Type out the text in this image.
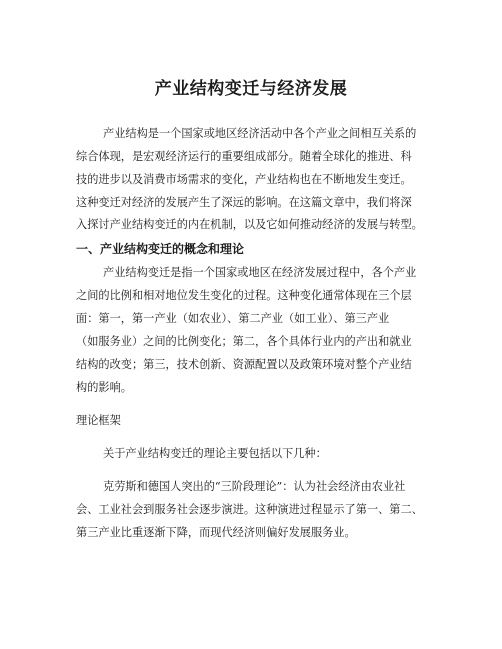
产业结构变迁与经济发展
产业结构是一个国家或地区经济活动中各个产业之间相互关系的
综合体现，是宏观经济运行的重要组成部分。随着全球化的推进、科
技的进步以及消费市场需求的变化，产业结构也在不断地发生变迁。
这种变迁对经济的发展产生了深远的影响。在这篇文章中，我们将深
入探讨产业结构变迁的内在机制，以及它如何推动经济的发展与转型。
一、产业结构变迁的概念和理论
产业结构变迁是指一个国家或地区在经济发展过程中，各个产业
之间的比例和相对地位发生变化的过程。这种变化通常体现在三个层
面：第一，第一产业（如农业）、第二产业（如工业）、第三产业
（如服务业）之间的比例变化；第二，各个具体行业内的产出和就业
结构的改变；第三，技术创新、资源配置以及政策环境对整个产业结
构的影响。
理论框架
关于产业结构变迁的理论主要包括以下几种：
克劳斯和德国人突出的“三阶段理论”：认为社会经济由农业社
会、工业社会到服务社会逐步演进。这种演进过程显示了第一、第二、
第三产业比重逐渐下降，而现代经济则偏好发展服务业。
